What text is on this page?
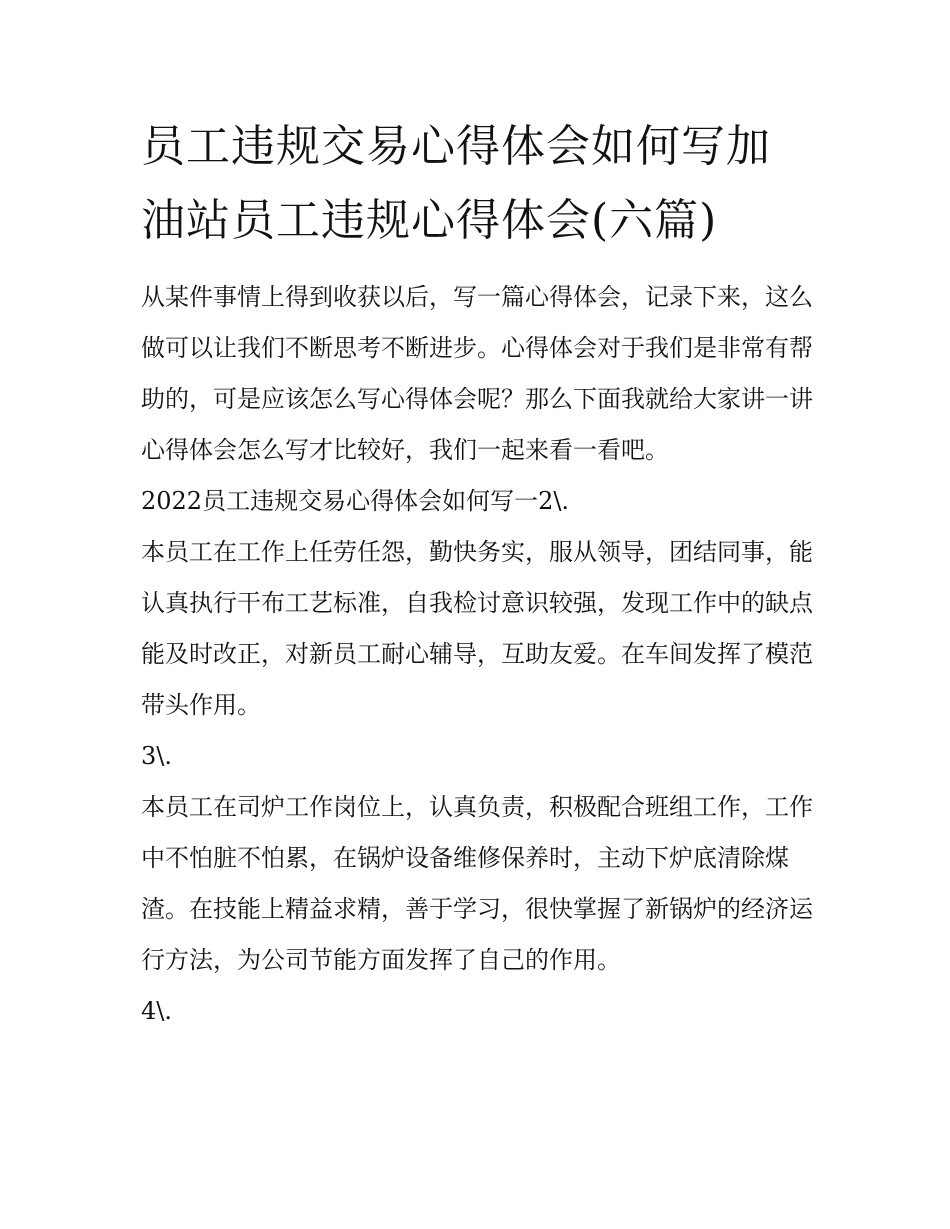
员工违规交易心得体会如何写加油站员工违规心得体会(六篇)

从某件事情上得到收获以后，写一篇心得体会，记录下来，这么做可以让我们不断思考不断进步。心得体会对于我们是非常有帮助的，可是应该怎么写心得体会呢？那么下面我就给大家讲一讲心得体会怎么写才比较好，我们一起来看一看吧。

2022员工违规交易心得体会如何写一2\.

本员工在工作上任劳任怨，勤快务实，服从领导，团结同事，能认真执行干布工艺标准，自我检讨意识较强，发现工作中的缺点能及时改正，对新员工耐心辅导，互助友爱。在车间发挥了模范带头作用。

3\.

本员工在司炉工作岗位上，认真负责，积极配合班组工作，工作中不怕脏不怕累，在锅炉设备维修保养时，主动下炉底清除煤渣。在技能上精益求精，善于学习，很快掌握了新锅炉的经济运行方法，为公司节能方面发挥了自己的作用。

4\.
